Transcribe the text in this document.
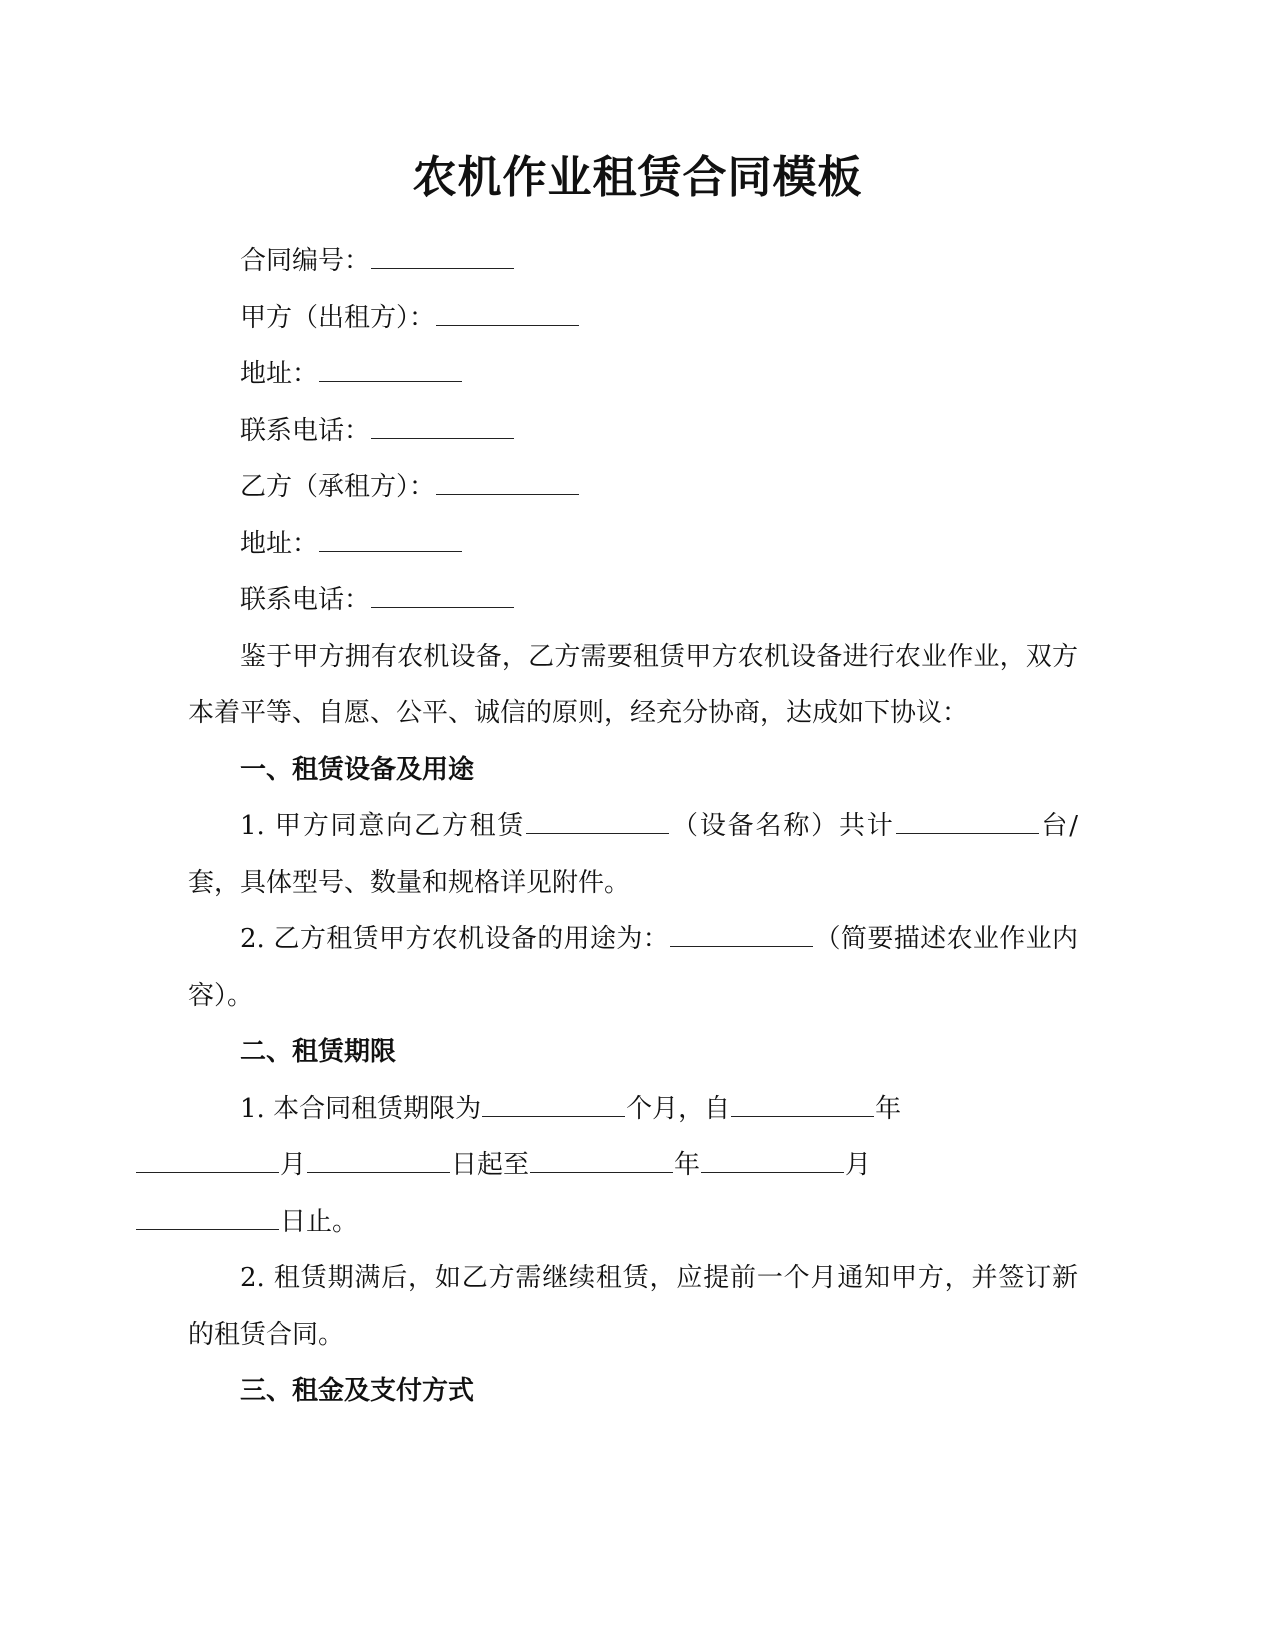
农机作业租赁合同模板

合同编号：

甲方（出租方）：

地址：

联系电话：

乙方（承租方）：

地址：

联系电话：

鉴于甲方拥有农机设备，乙方需要租赁甲方农机设备进行农业作业，双方本着平等、自愿、公平、诚信的原则，经充分协商，达成如下协议：

一、租赁设备及用途

1. 甲方同意向乙方租赁	（设备名称）共计	台/套，具体型号、数量和规格详见附件。

2. 乙方租赁甲方农机设备的用途为：	（简要描述农业作业内容）。

二、租赁期限

1. 本合同租赁期限为	个月，自	年
月	日起至	年	月
日止。

2. 租赁期满后，如乙方需继续租赁，应提前一个月通知甲方，并签订新的租赁合同。

三、租金及支付方式
